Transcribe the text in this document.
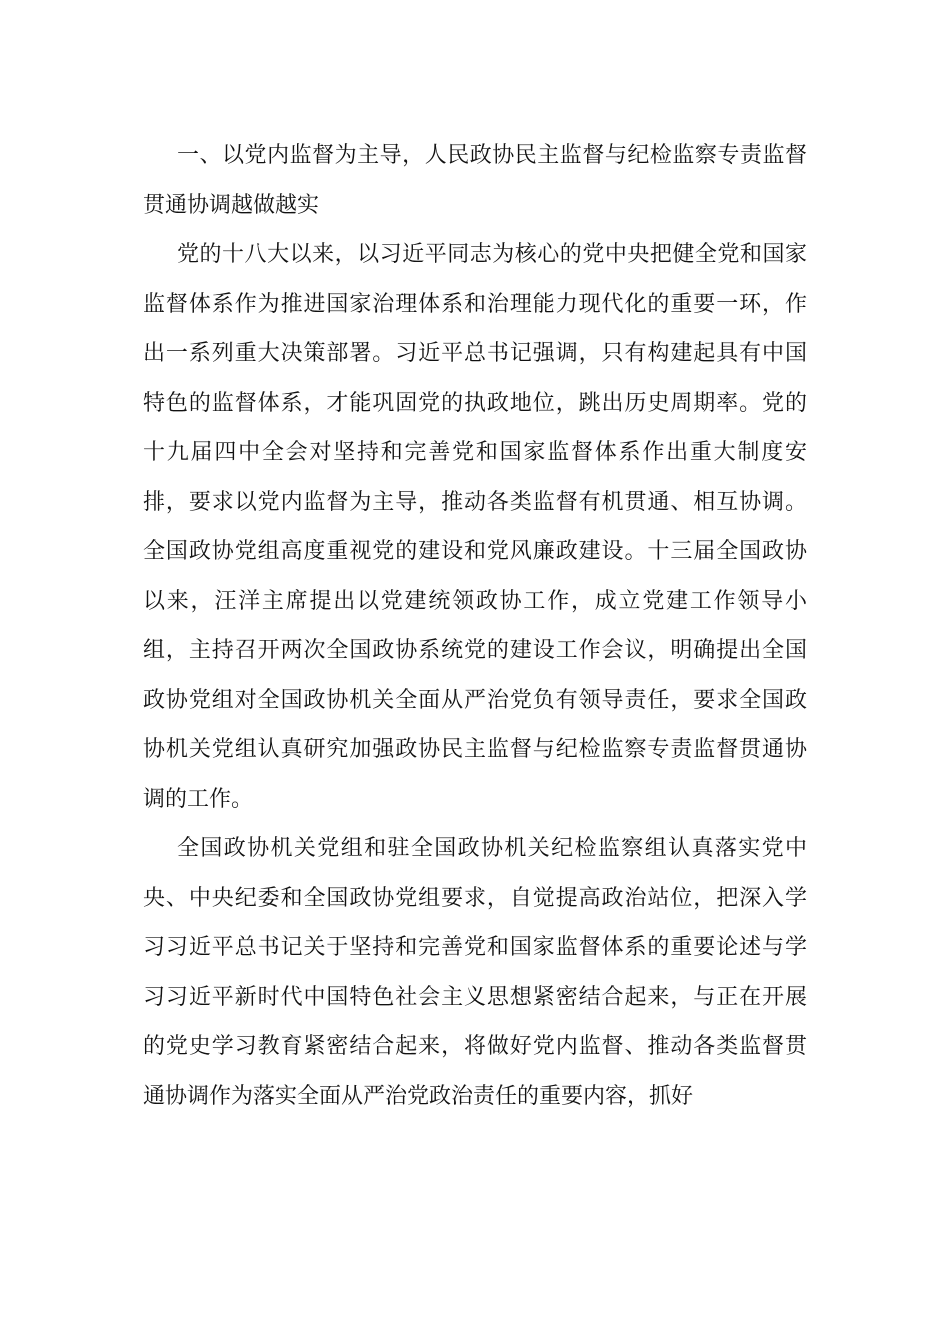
一、以党内监督为主导，人民政协民主监督与纪检监察专责监督
贯通协调越做越实
党的十八大以来，以习近平同志为核心的党中央把健全党和国家
监督体系作为推进国家治理体系和治理能力现代化的重要一环，作
出一系列重大决策部署。习近平总书记强调，只有构建起具有中国
特色的监督体系，才能巩固党的执政地位，跳出历史周期率。党的
十九届四中全会对坚持和完善党和国家监督体系作出重大制度安
排，要求以党内监督为主导，推动各类监督有机贯通、相互协调。
全国政协党组高度重视党的建设和党风廉政建设。十三届全国政协
以来，汪洋主席提出以党建统领政协工作，成立党建工作领导小
组，主持召开两次全国政协系统党的建设工作会议，明确提出全国
政协党组对全国政协机关全面从严治党负有领导责任，要求全国政
协机关党组认真研究加强政协民主监督与纪检监察专责监督贯通协
调的工作。
全国政协机关党组和驻全国政协机关纪检监察组认真落实党中
央、中央纪委和全国政协党组要求，自觉提高政治站位，把深入学
习习近平总书记关于坚持和完善党和国家监督体系的重要论述与学
习习近平新时代中国特色社会主义思想紧密结合起来，与正在开展
的党史学习教育紧密结合起来，将做好党内监督、推动各类监督贯
通协调作为落实全面从严治党政治责任的重要内容，抓好
